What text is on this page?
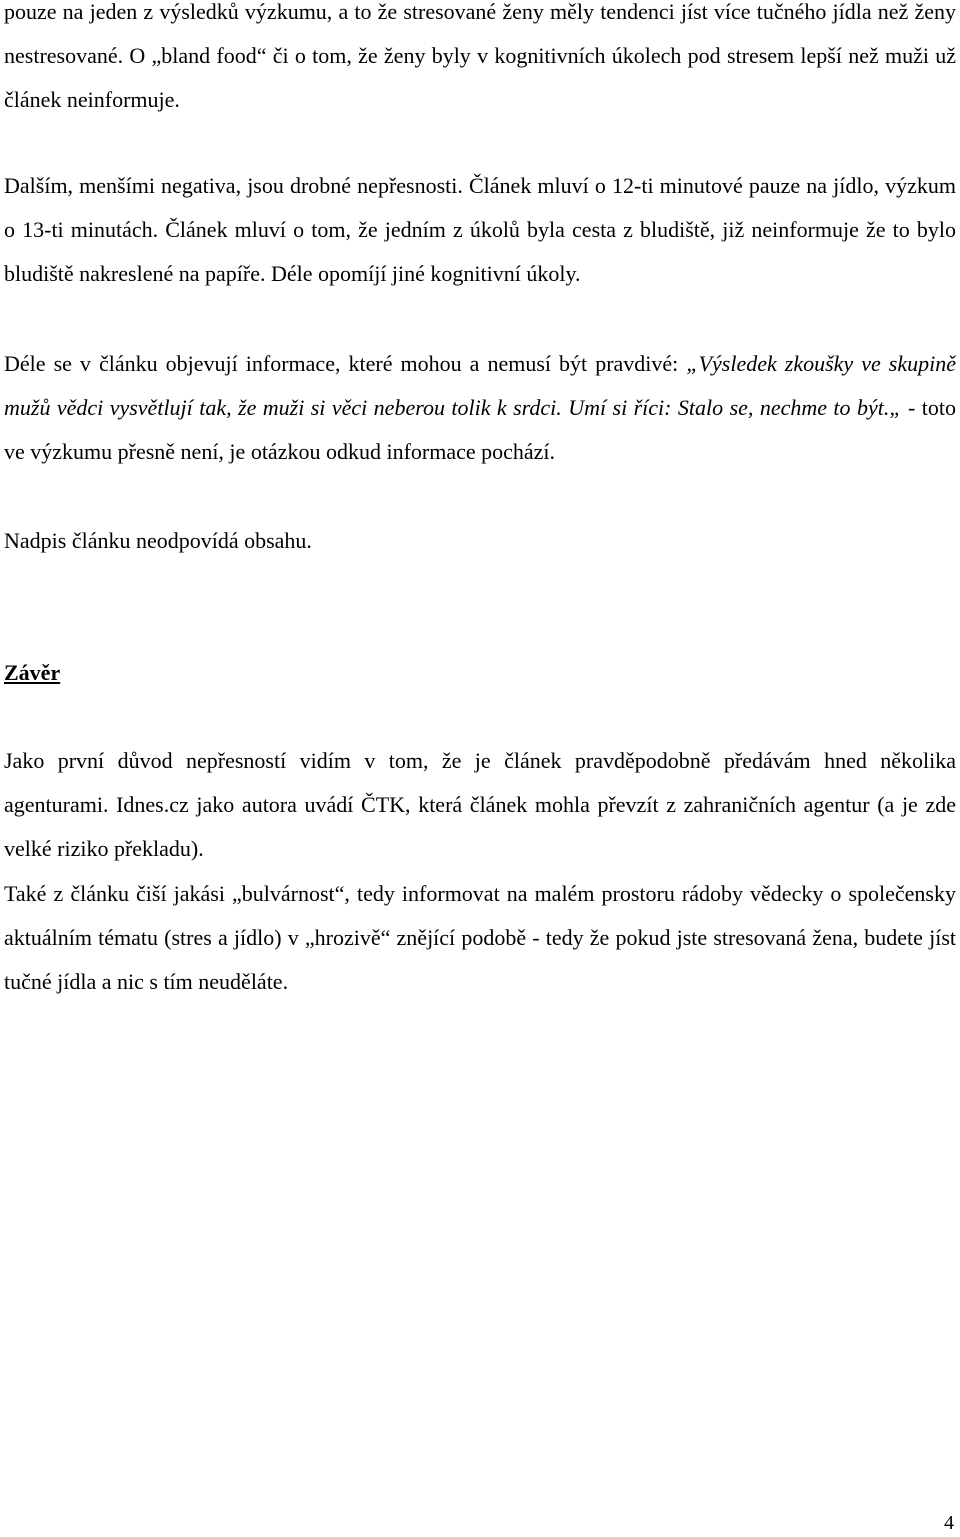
pouze na jeden z výsledků výzkumu, a to že stresované ženy měly tendenci jíst více tučného jídla než ženy nestresované. O „bland food“ či o tom, že ženy byly v kognitivních úkolech pod stresem lepší než muži už článek neinformuje.

Dalším, menšími negativa, jsou drobné nepřesnosti. Článek mluví o 12-ti minutové pauze na jídlo, výzkum o 13-ti minutách. Článek mluví o tom, že jedním z úkolů byla cesta z bludiště, již neinformuje že to bylo bludiště nakreslené na papíře. Déle opomíjí jiné kognitivní úkoly.

Déle se v článku objevují informace, které mohou a nemusí být pravdivé: „Výsledek zkoušky ve skupině mužů vědci vysvětlují tak, že muži si věci neberou tolik k srdci. Umí si říci: Stalo se, nechme to být.„ - toto ve výzkumu přesně není, je otázkou odkud informace pochází.

Nadpis článku neodpovídá obsahu.

Závěr

Jako první důvod nepřesností vidím v tom, že je článek pravděpodobně předávám hned několika agenturami. Idnes.cz jako autora uvádí ČTK, která článek mohla převzít z zahraničních agentur (a je zde velké riziko překladu).

Také z článku čiší jakási „bulvárnost“, tedy informovat na malém prostoru rádoby vědecky o společensky aktuálním tématu (stres a jídlo) v „hrozivě“ znějící podobě - tedy že pokud jste stresovaná žena, budete jíst tučné jídla a nic s tím neuděláte.

4
